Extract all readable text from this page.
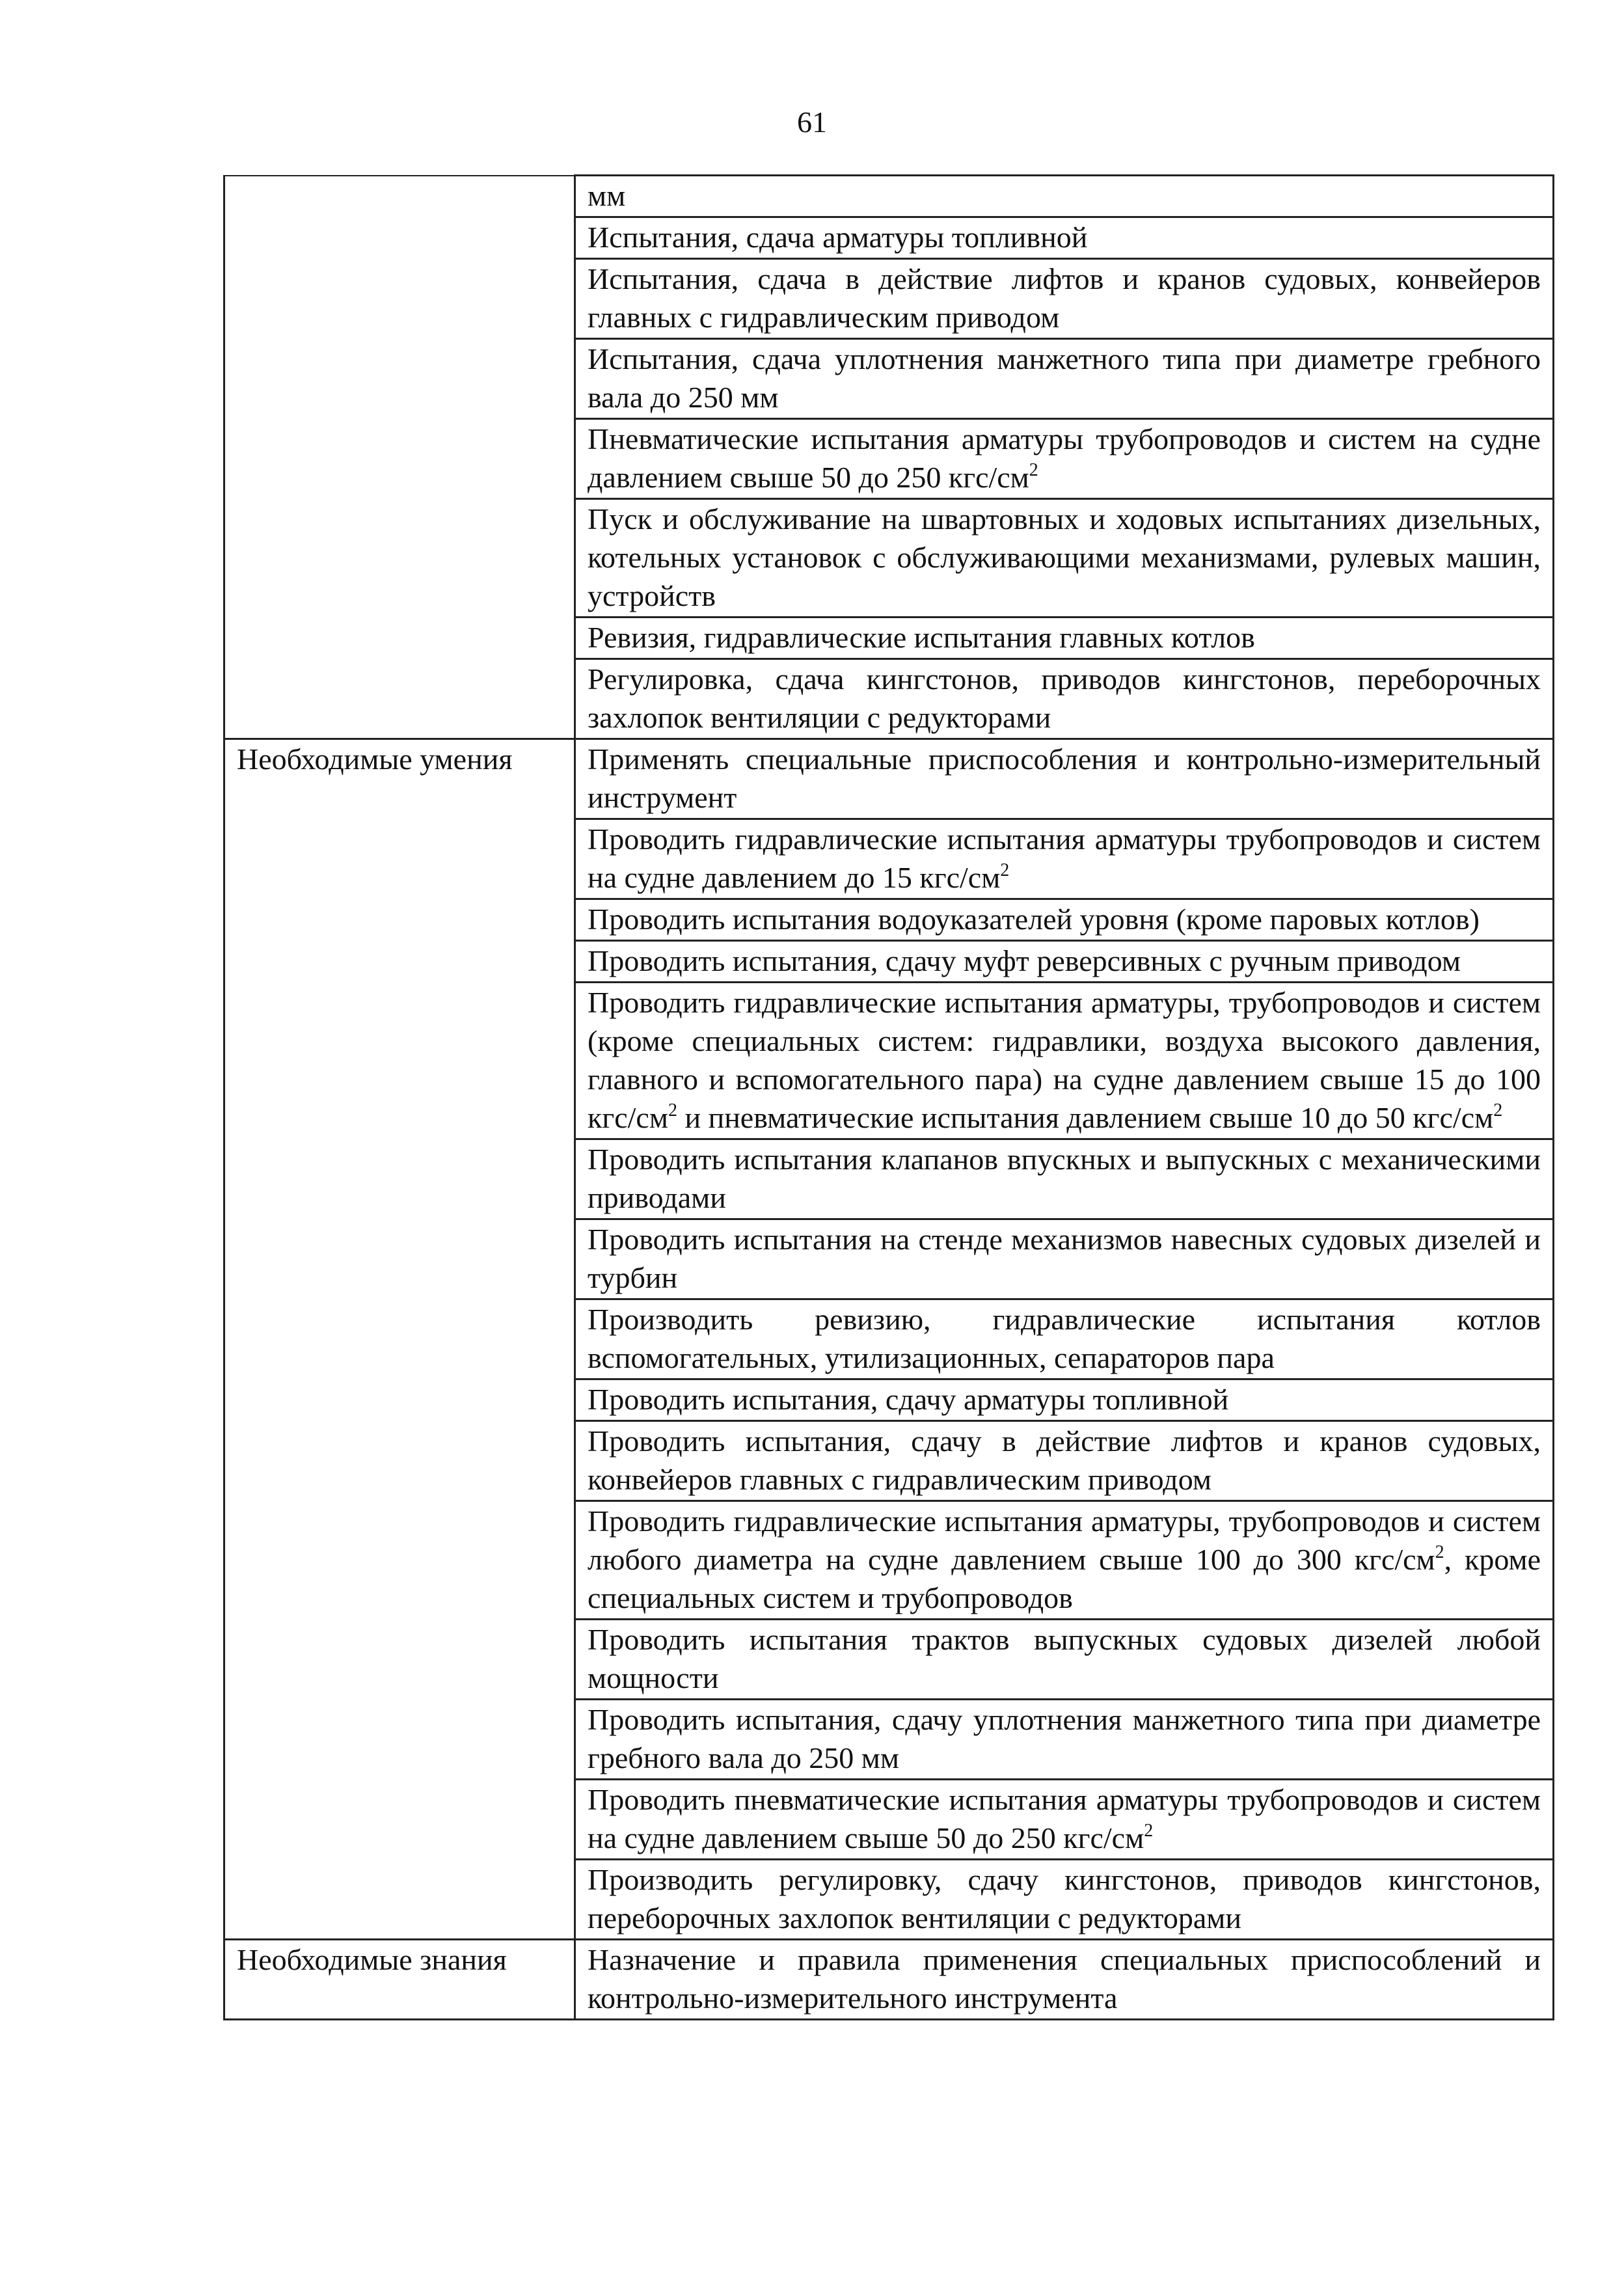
61
	мм
	Испытания, сдача арматуры топливной
	Испытания, сдача в действие лифтов и кранов судовых, конвейеров главных с гидравлическим приводом
	Испытания, сдача уплотнения манжетного типа при диаметре гребного вала до 250 мм
	Пневматические испытания арматуры трубопроводов и систем на судне давлением свыше 50 до 250 кгс/$см^2$
	Пуск и обслуживание на швартовных и ходовых испытаниях дизельных, котельных установок с обслуживающими механизмами, рулевых машин, устройств
	Ревизия, гидравлические испытания главных котлов
	Регулировка, сдача кингстонов, приводов кингстонов, переборочных захлопок вентиляции с редукторами
Необходимые умения	Применять специальные приспособления и контрольно-измерительный инструмент
	Проводить гидравлические испытания арматуры трубопроводов и систем на судне давлением до 15 кгс/$см^2$
	Проводить испытания водоуказателей уровня (кроме паровых котлов)
	Проводить испытания, сдачу муфт реверсивных с ручным приводом
	Проводить гидравлические испытания арматуры, трубопроводов и систем (кроме специальных систем: гидравлики, воздуха высокого давления, главного и вспомогательного пара) на судне давлением свыше 15 до 100 кгс/$см^2$ и пневматические испытания давлением свыше 10 до 50 кгс/$см^2$
	Проводить испытания клапанов впускных и выпускных с механическими приводами
	Проводить испытания на стенде механизмов навесных судовых дизелей и турбин
	Производить ревизию, гидравлические испытания котлов вспомогательных, утилизационных, сепараторов пара
	Проводить испытания, сдачу арматуры топливной
	Проводить испытания, сдачу в действие лифтов и кранов судовых, конвейеров главных с гидравлическим приводом
	Проводить гидравлические испытания арматуры, трубопроводов и систем любого диаметра на судне давлением свыше 100 до 300 кгс/$см^2$, кроме специальных систем и трубопроводов
	Проводить испытания трактов выпускных судовых дизелей любой мощности
	Проводить испытания, сдачу уплотнения манжетного типа при диаметре гребного вала до 250 мм
	Проводить пневматические испытания арматуры трубопроводов и систем на судне давлением свыше 50 до 250 кгс/$см^2$
	Производить регулировку, сдачу кингстонов, приводов кингстонов, переборочных захлопок вентиляции с редукторами
Необходимые знания	Назначение и правила применения специальных приспособлений и контрольно-измерительного инструмента
